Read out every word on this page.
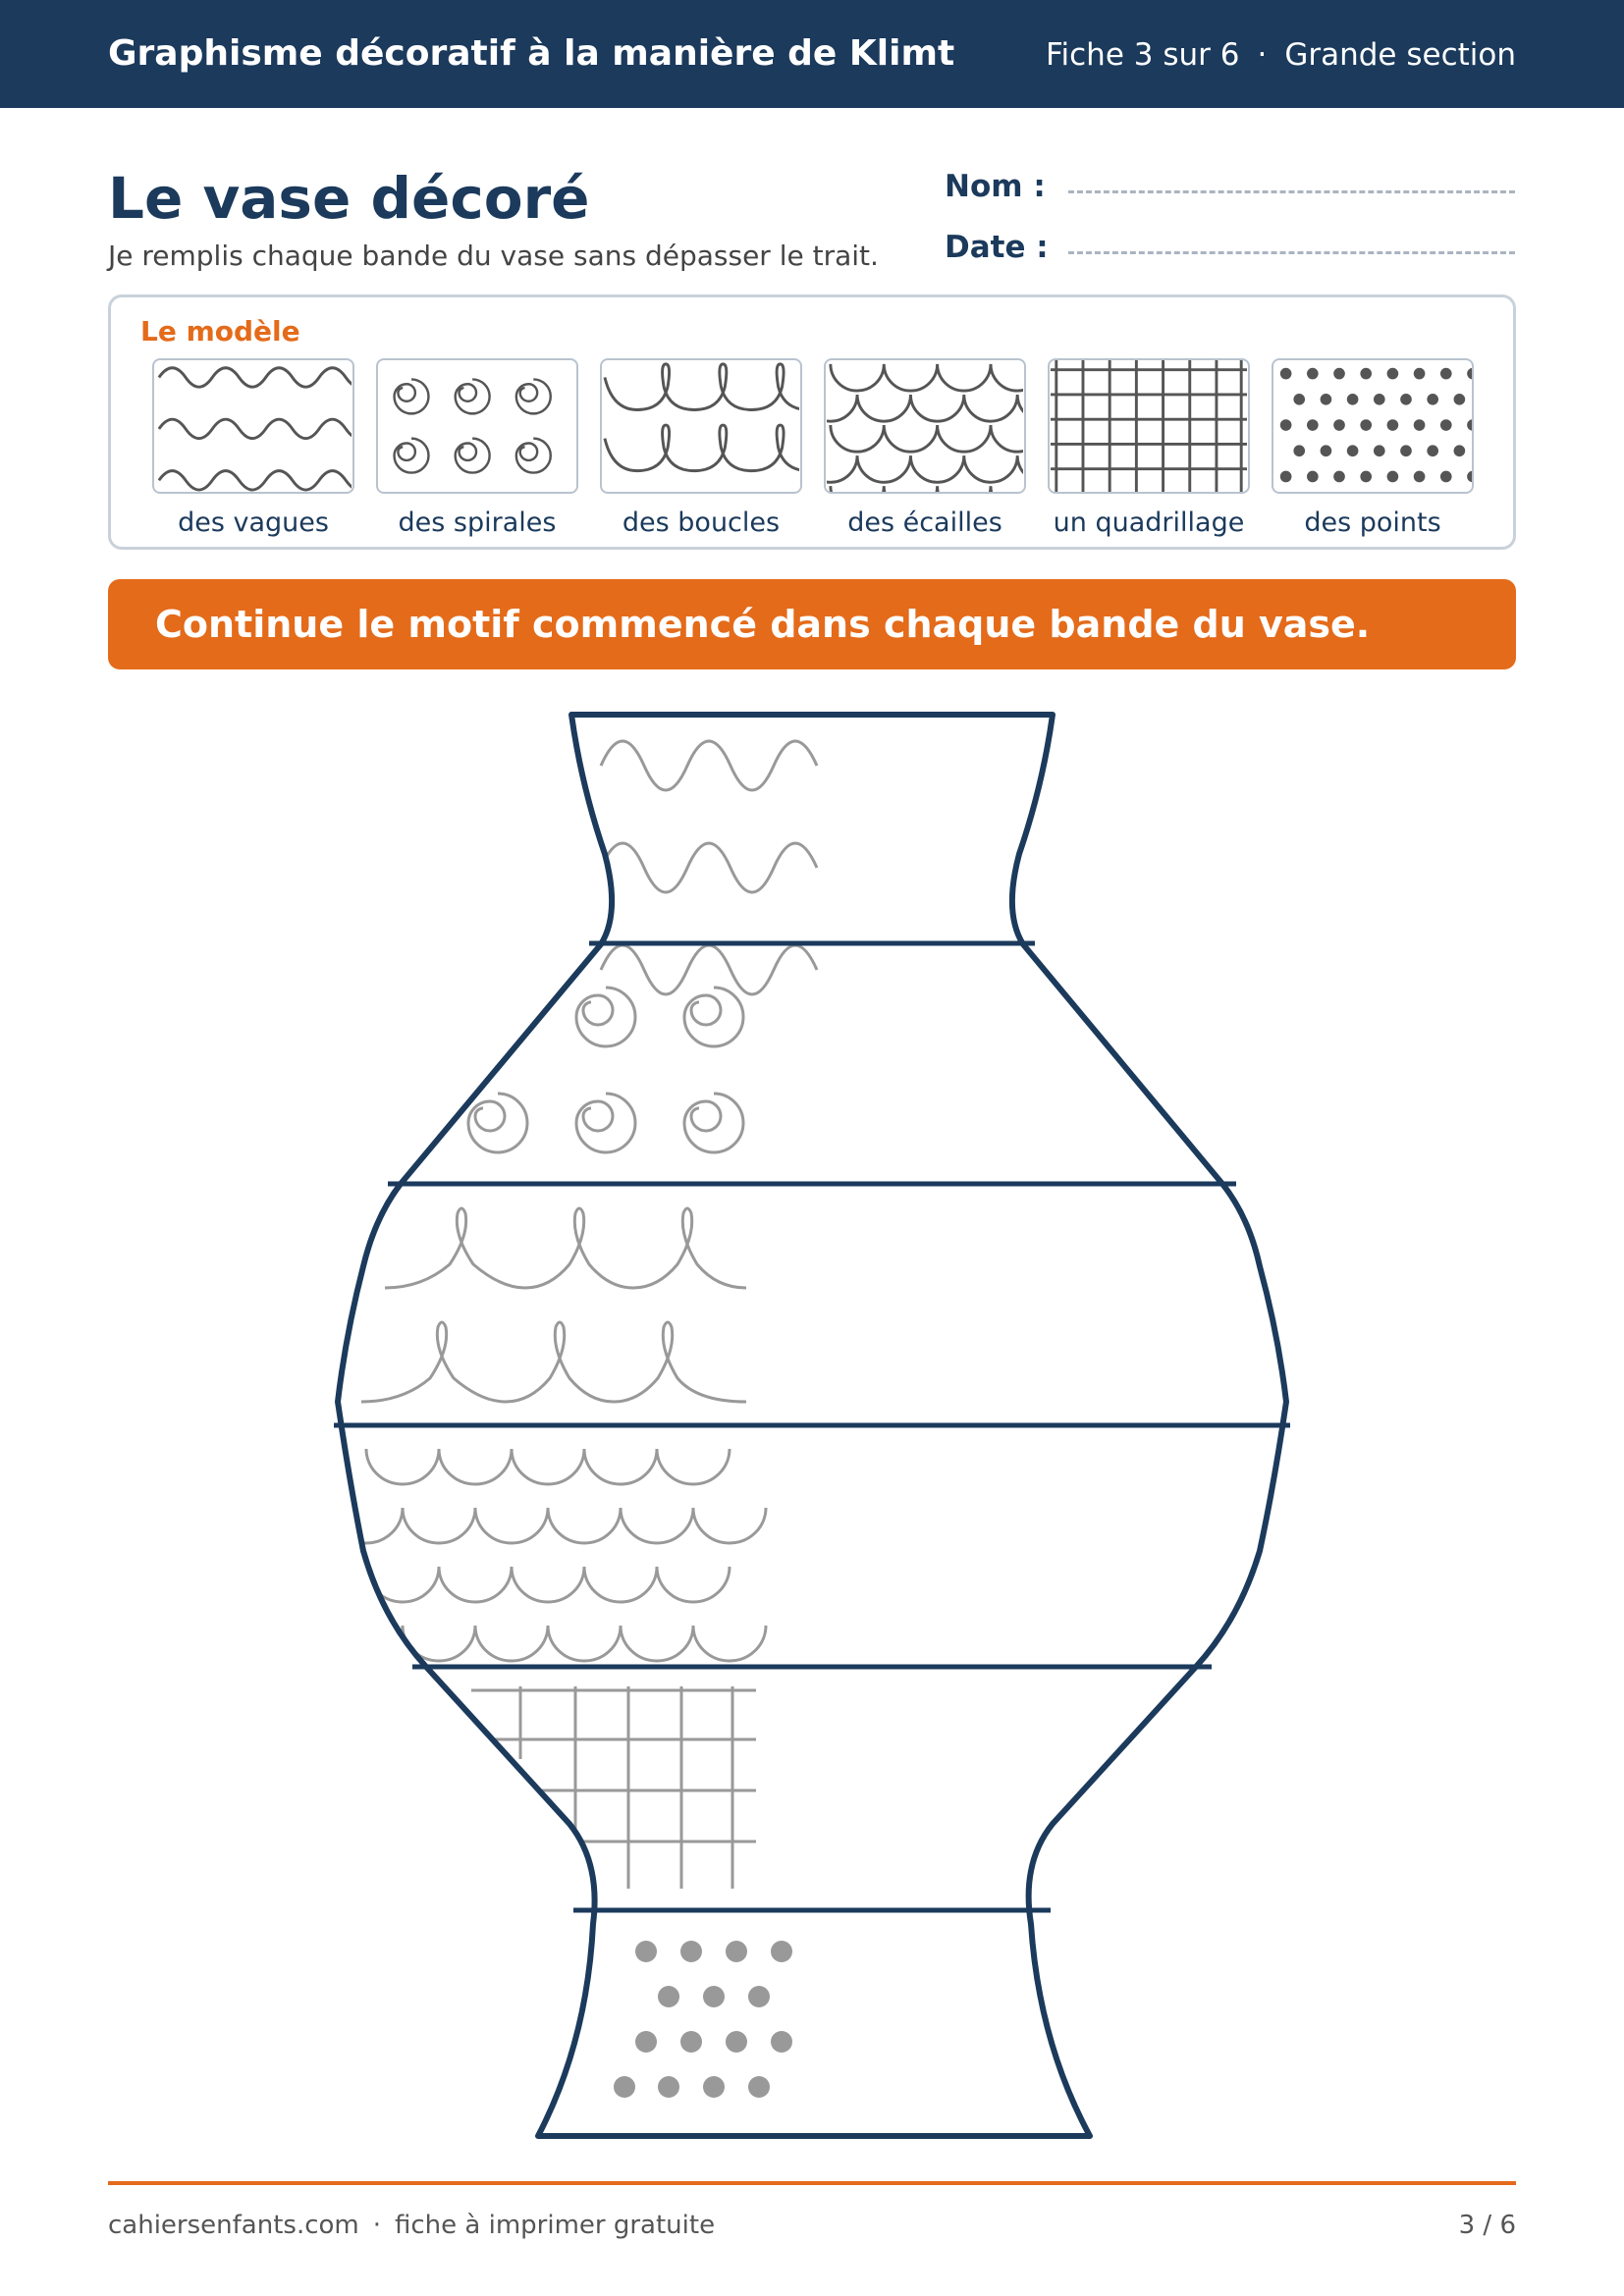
Graphisme décoratif à la manière de Klimt	Fiche 3 sur 6 · Grande section
Le vase décoré
Je remplis chaque bande du vase sans dépasser le trait.
Nom :
Date :
Le modèle
des vagues	des spirales	des boucles	des écailles	un quadrillage	des points
Continue le motif commencé dans chaque bande du vase.
cahiersenfants.com · fiche à imprimer gratuite	3 / 6
